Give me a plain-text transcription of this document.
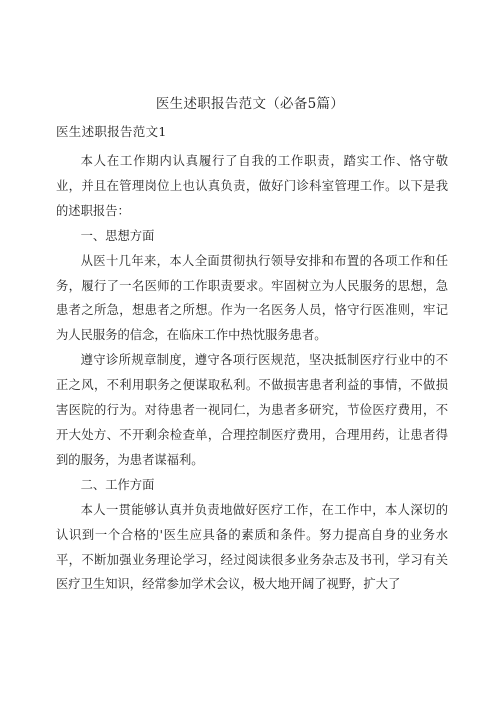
医生述职报告范文（必备5篇）
医生述职报告范文1

本人在工作期内认真履行了自我的工作职责，踏实工作、恪守敬业，并且在管理岗位上也认真负责，做好门诊科室管理工作。以下是我的述职报告：

一、思想方面

从医十几年来，本人全面贯彻执行领导安排和布置的各项工作和任务，履行了一名医师的工作职责要求。牢固树立为人民服务的思想，急患者之所急，想患者之所想。作为一名医务人员，恪守行医准则，牢记为人民服务的信念，在临床工作中热忱服务患者。

遵守诊所规章制度，遵守各项行医规范，坚决抵制医疗行业中的不正之风，不利用职务之便谋取私利。不做损害患者利益的事情，不做损害医院的行为。对待患者一视同仁，为患者多研究，节俭医疗费用，不开大处方、不开剩余检查单，合理控制医疗费用，合理用药，让患者得到的服务，为患者谋福利。

二、工作方面

本人一贯能够认真并负责地做好医疗工作，在工作中，本人深切的认识到一个合格的'医生应具备的素质和条件。努力提高自身的业务水平，不断加强业务理论学习，经过阅读很多业务杂志及书刊，学习有关医疗卫生知识，经常参加学术会议，极大地开阔了视野，扩大了
